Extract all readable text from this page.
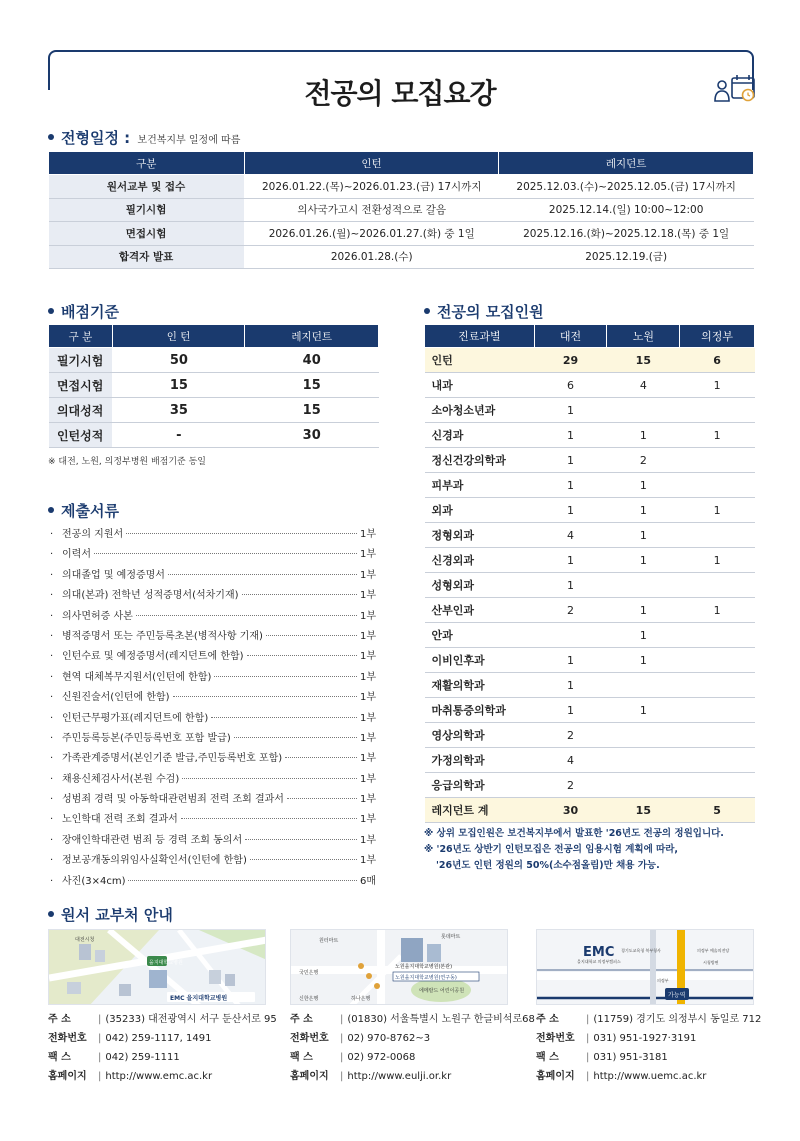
전공의 모집요강
전형일정 : 보건복지부 일정에 따름
구분	인턴	레지던트
원서교부 및 접수	2026.01.22.(목)~2026.01.23.(금) 17시까지	2025.12.03.(수)~2025.12.05.(금) 17시까지
필기시험	의사국가고시 전환성적으로 갈음	2025.12.14.(일) 10:00~12:00
면접시험	2026.01.26.(월)~2026.01.27.(화) 중 1일	2025.12.16.(화)~2025.12.18.(목) 중 1일
합격자 발표	2026.01.28.(수)	2025.12.19.(금)
배점기준
구 분	인 턴	레지던트
필기시험	50	40
면접시험	15	15
의대성적	35	15
인턴성적	-	30
※ 대전, 노원, 의정부병원 배점기준 동일
제출서류
· 전공의 지원서	1부
· 이력서	1부
· 의대졸업 및 예정증명서	1부
· 의대(본과) 전학년 성적증명서(석차기재)	1부
· 의사면허증 사본	1부
· 병적증명서 또는 주민등록초본(병적사항 기재)	1부
· 인턴수료 및 예정증명서(레지던트에 한함)	1부
· 현역 대체복무지원서(인턴에 한함)	1부
· 신원진술서(인턴에 한함)	1부
· 인턴근무평가표(레지던트에 한함)	1부
· 주민등록등본(주민등록번호 포함 발급)	1부
· 가족관계증명서(본인기준 발급,주민등록번호 포함)	1부
· 채용신체검사서(본원 수검)	1부
· 성범죄 경력 및 아동학대관련범죄 전력 조회 결과서	1부
· 노인학대 전력 조회 결과서	1부
· 장애인학대관련 범죄 등 경력 조회 동의서	1부
· 정보공개동의위임사실확인서(인턴에 한함)	1부
· 사진(3×4cm)	6매
전공의 모집인원
진료과별	대전	노원	의정부
인턴	29	15	6
내과	6	4	1
소아청소년과	1		
신경과	1	1	1
정신건강의학과	1	2	
피부과	1	1	
외과	1	1	1
정형외과	4	1	
신경외과	1	1	1
성형외과	1		
산부인과	2	1	1
안과		1	
이비인후과	1	1	
재활의학과	1		
마취통증의학과	1	1	
영상의학과	2		
가정의학과	4		
응급의학과	2		
레지던트 계	30	15	5
※ 상위 모집인원은 보건복지부에서 발표한 '26년도 전공의 정원입니다.
※ '26년도 상반기 인턴모집은 전공의 임용시험 계획에 따라,
'26년도 인턴 정원의 50%(소수점올림)만 채용 가능.
원서 교부처 안내
을지대학교병원
대전시청
EMC 을지대학교병원
원터마트
국민은행
하나은행
신한은행
노원을지대학교병원(본관)
노원을지대학교병원(연구동)
롯데마트
에메랄드 어린이공원
EMC
을지대학교 의정부캠퍼스
가능역
의정부
경기도교육청 북부청사	의정부 예술의전당
시청방면
주 소	| (35233) 대전광역시 서구 둔산서로 95
전화번호 | 042) 259-1117, 1491
팩 스	| 042) 259-1111
홈페이지 | http://www.emc.ac.kr
주 소	| (01830) 서울특별시 노원구 한글비석로68
전화번호 | 02) 970-8762~3
팩 스	| 02) 972-0068
홈페이지 | http://www.eulji.or.kr
주 소	| (11759) 경기도 의정부시 동일로 712
전화번호 | 031) 951-1927·3191
팩 스	| 031) 951-3181
홈페이지 | http://www.uemc.ac.kr
